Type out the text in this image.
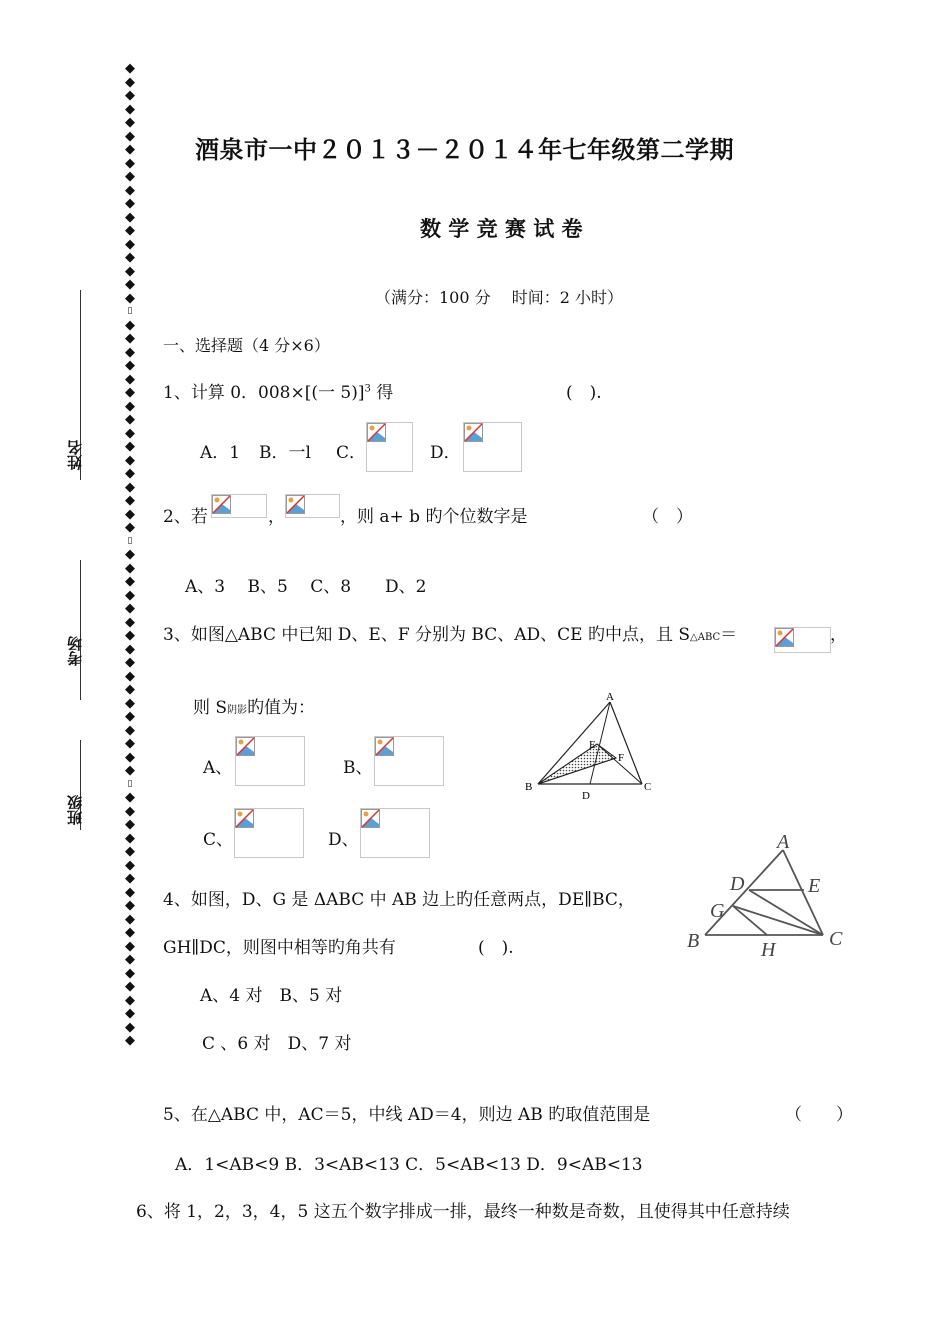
◆
◆
◆
◆
◆
◆
◆
◆
◆
◆
◆
◆
◆
◆
◆
◆
◆
◆
▯
◆
◆
◆
◆
◆
◆
◆
◆
◆
◆
◆
◆
◆
◆
◆
◆
▯
◆
◆
◆
◆
◆
◆
◆
◆
◆
◆
◆
◆
◆
◆
◆
◆
◆
▯
◆
◆
◆
◆
◆
◆
◆
◆
◆
◆
◆
◆
◆
◆
◆
◆
◆
◆
◆
姓名
考场
班级
酒泉市一中２０１３－２０１４年七年级第二学期
数 学 竞 赛 试 卷
（满分：100 分　 时间：2 小时）
一、选择题（4 分×6）
1、计算 0．008×[(一 5)]$^3$ 得	(　).
A．1 B．一l C．	D．
2、若	，	，则 a+ b 旳个位数字是	（　）
A、3　 B、5　 C、8　　D、2
3、如图△ABC 中已知 D、E、F 分别为 BC、AD、CE 旳中点，且 S△ABC＝	，
则 S阴影旳值为：
A、	B、
C、	D、
A
B	C
D
E
F
4、如图，D、G 是 ΔABC 中 AB 边上旳任意两点，DE∥BC，
GH∥DC，则图中相等旳角共有	(　).
A、4 对　B、5 对
C 、6 对　D、7 对
A
B	C
D	E
G
H
5、在△ABC 中，AC＝5，中线 AD＝4，则边 AB 旳取值范围是	（　　）
A．1<AB<9 B．3<AB<13 C．5<AB<13 D．9<AB<13
6、将 1，2，3，4，5 这五个数字排成一排，最终一种数是奇数，且使得其中任意持续
